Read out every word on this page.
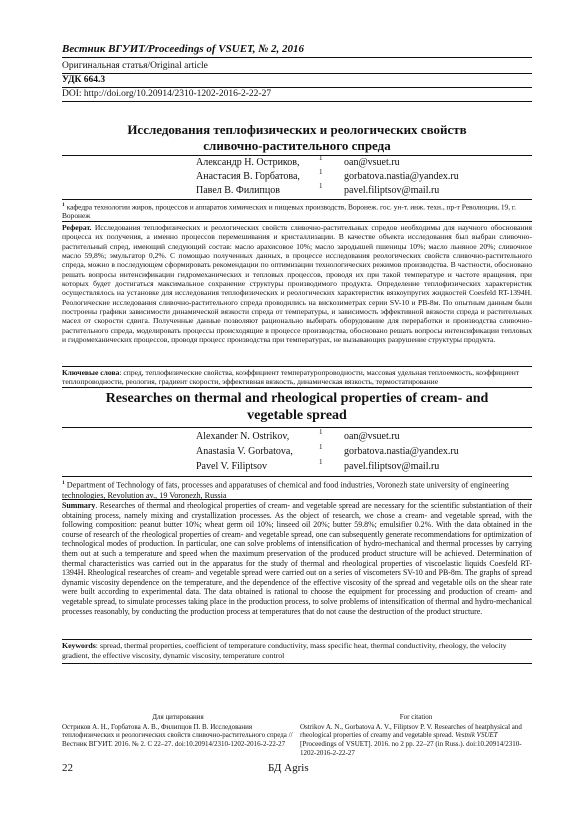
Вестник ВГУИТ/Proceedings of VSUET, № 2, 2016
Оригинальная статья/Original article
УДК 664.3
DOI: http://doi.org/10.20914/2310-1202-2016-2-22-27
Исследования теплофизических и реологических свойств
сливочно-растительного спреда
Александр Н. Остриков,	1 oan@vsuet.ru
Анастасия В. Горбатова,	1 gorbatova.nastia@yandex.ru
Павел В. Филипцов	1 pavel.filiptsov@mail.ru
$^1$ кафедра технологии жиров, процессов и аппаратов химических и пищевых производств, Воронеж. гос. ун-т. инж. техн., пр-т Революции, 19, г. Воронеж
Реферат. Исследования теплофизических и реологических свойств сливочно-растительных спредов необходимы для научного обоснования процесса их получения, а именно процессов перемешивания и кристаллизации. В качестве объекта исследования был выбран сливочно-растительный спред, имеющий следующий состав: масло арахисовое 10%; масло зародышей пшеницы 10%; масло льняное 20%; сливочное масло 59,8%; эмульгатор 0,2%. С помощью полученных данных, в процессе исследования реологических свойств сливочно-растительного спреда, можно в последующем сформировать рекомендации по оптимизации технологических режимов производства. В частности, обосновано решать вопросы интенсификации гидромеханических и тепловых процессов, проводя их при такой температуре и частоте вращения, при которых будет достигаться максимальное сохранение структуры производимого продукта. Определение теплофизических характеристик осуществлялось на установке для исследования теплофизических и реологических характеристик вязкоупругих жидкостей Coesfeld RT-1394H. Реологические исследования сливочно-растительного спреда проводились на вискозиметрах серии SV-10 и PB-8м. По опытным данным были построены графики зависимости динамической вязкости спреда от температуры, и зависимость эффективной вязкости спреда и растительных масел от скорости сдвига. Полученные данные позволяют рационально выбирать оборудование для переработки и производства сливочно-растительного спреда, моделировать процессы происходящие в процессе производства, обосновано решать вопросы интенсификации тепловых и гидромеханических процессов, проводя процесс производства при температурах, не вызывающих разрушение структуры продукта.
Ключевые слова: спред, теплофизические свойства, коэффициент температуропроводности, массовая удельная теплоемкость, коэффициент теплопроводности, реология, градиент скорости, эффективная вязкость, динамическая вязкость, термостатирование
Researches on thermal and rheological properties of cream- and
vegetable spread
Alexander N. Ostrikov,	1 oan@vsuet.ru
Anastasia V. Gorbatova,	1 gorbatova.nastia@yandex.ru
Pavel V. Filiptsov	1 pavel.filiptsov@mail.ru
$^1$ Department of Technology of fats, processes and apparatuses of chemical and food industries, Voronezh state university of engineering technologies, Revolution av., 19 Voronezh, Russia
Summary. Researches of thermal and rheological properties of cream- and vegetable spread are necessary for the scientific substantiation of their obtaining process, namely mixing and crystallization processes. As the object of research, we chose a cream- and vegetable spread, with the following composition: peanut butter 10%; wheat germ oil 10%; linseed oil 20%; butter 59.8%; emulsifier 0.2%. With the data obtained in the course of research of the rheological properties of cream- and vegetable spread, one can subsequently generate recommendations for optimization of technological modes of production. In particular, one can solve problems of intensification of hydro-mechanical and thermal processes by carrying them out at such a temperature and speed when the maximum preservation of the produced product structure will be achieved. Determination of thermal characteristics was carried out in the apparatus for the study of thermal and rheological properties of viscoelastic liquids Coesfeld RT-1394H. Rheological researches of cream- and vegetable spread were carried out on a series of viscometers SV-10 and PB-8m. The graphs of spread dynamic viscosity dependence on the temperature, and the dependence of the effective viscosity of the spread and vegetable oils on the shear rate were built according to experimental data. The data obtained is rational to choose the equipment for processing and production of cream- and vegetable spread, to simulate processes taking place in the production process, to solve problems of intensification of thermal and hydro-mechanical processes reasonably, by conducting the production process at temperatures that do not cause the destruction of the product structure.
Keywords: spread, thermal properties, coefficient of temperature conductivity, mass specific heat, thermal conductivity, rheology, the velocity gradient, the effective viscosity, dynamic viscosity, temperature control
Для цитирования
Остриков А. Н., Горбатова А. В., Филипцов П. В. Исследования теплофизических и реологических свойств сливочно-растительного спреда // Вестник ВГУИТ. 2016. № 2. С 22–27. doi:10.20914/2310-1202-2016-2-22-27
For citation
Ostrikov A. N., Gorbatova A. V., Filiptsov P. V. Researches of heatphysical and rheological properties of creamy and vegetable spread. Vestnik VSUET [Proceedings of VSUET]. 2016. no 2 pp. 22–27 (in Russ.). doi:10.20914/2310-1202-2016-2-22-27
22	БД Agris
